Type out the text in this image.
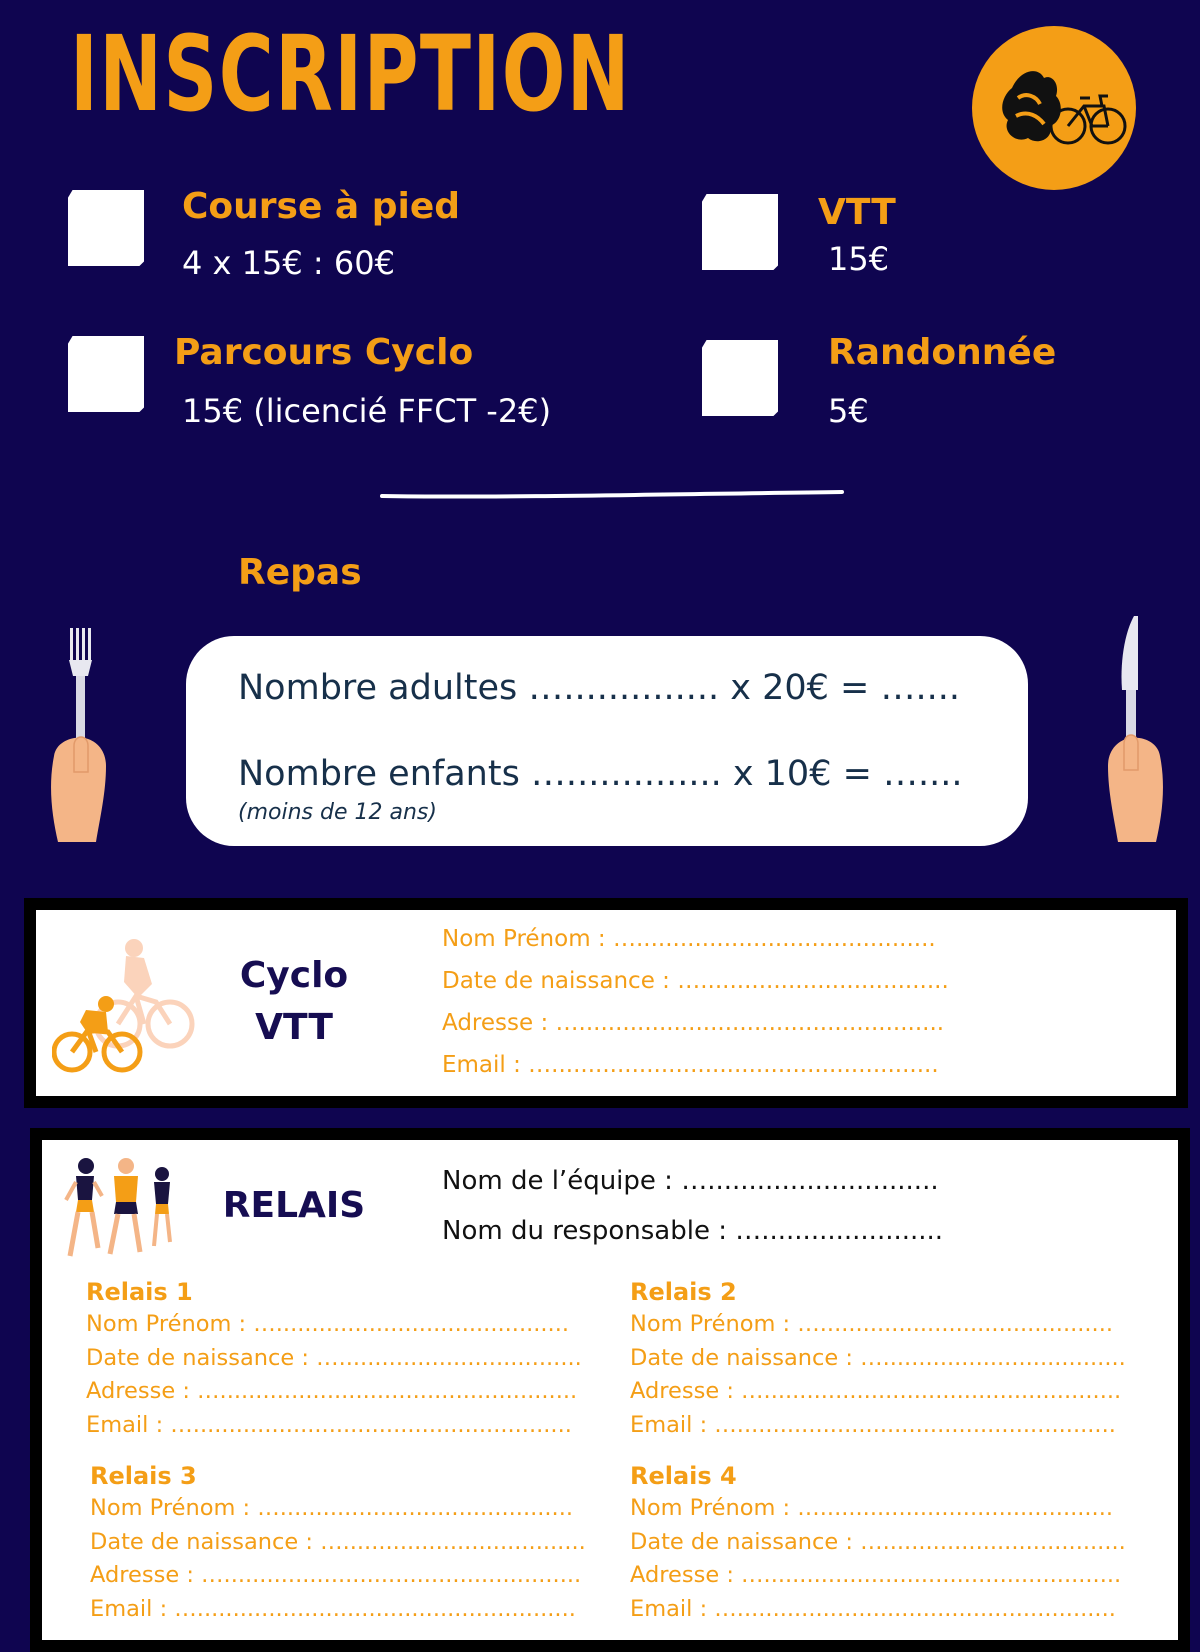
INSCRIPTION
Course à pied
4 x 15€ : 60€
VTT
15€
Parcours Cyclo
15€ (licencié FFCT -2€)
Randonnée
5€
Repas
Nombre adultes ….............. x 20€ = …....
Nombre enfants ….............. x 10€ = …....
(moins de 12 ans)
Cyclo
VTT
Nom Prénom : ….........................................
Date de naissance : …..................................
Adresse : …..................................................
Email : ….....................................................
RELAIS
Nom de l’équipe : …............................
Nom du responsable : …......................
Relais 1
Nom Prénom : ….........................................
Date de naissance : …..................................
Adresse : …..................................................
Email : ….....................................................
Relais 2
Nom Prénom : ….........................................
Date de naissance : …..................................
Adresse : …..................................................
Email : ….....................................................
Relais 3
Nom Prénom : ….........................................
Date de naissance : …..................................
Adresse : …..................................................
Email : ….....................................................
Relais 4
Nom Prénom : ….........................................
Date de naissance : …..................................
Adresse : …..................................................
Email : ….....................................................
